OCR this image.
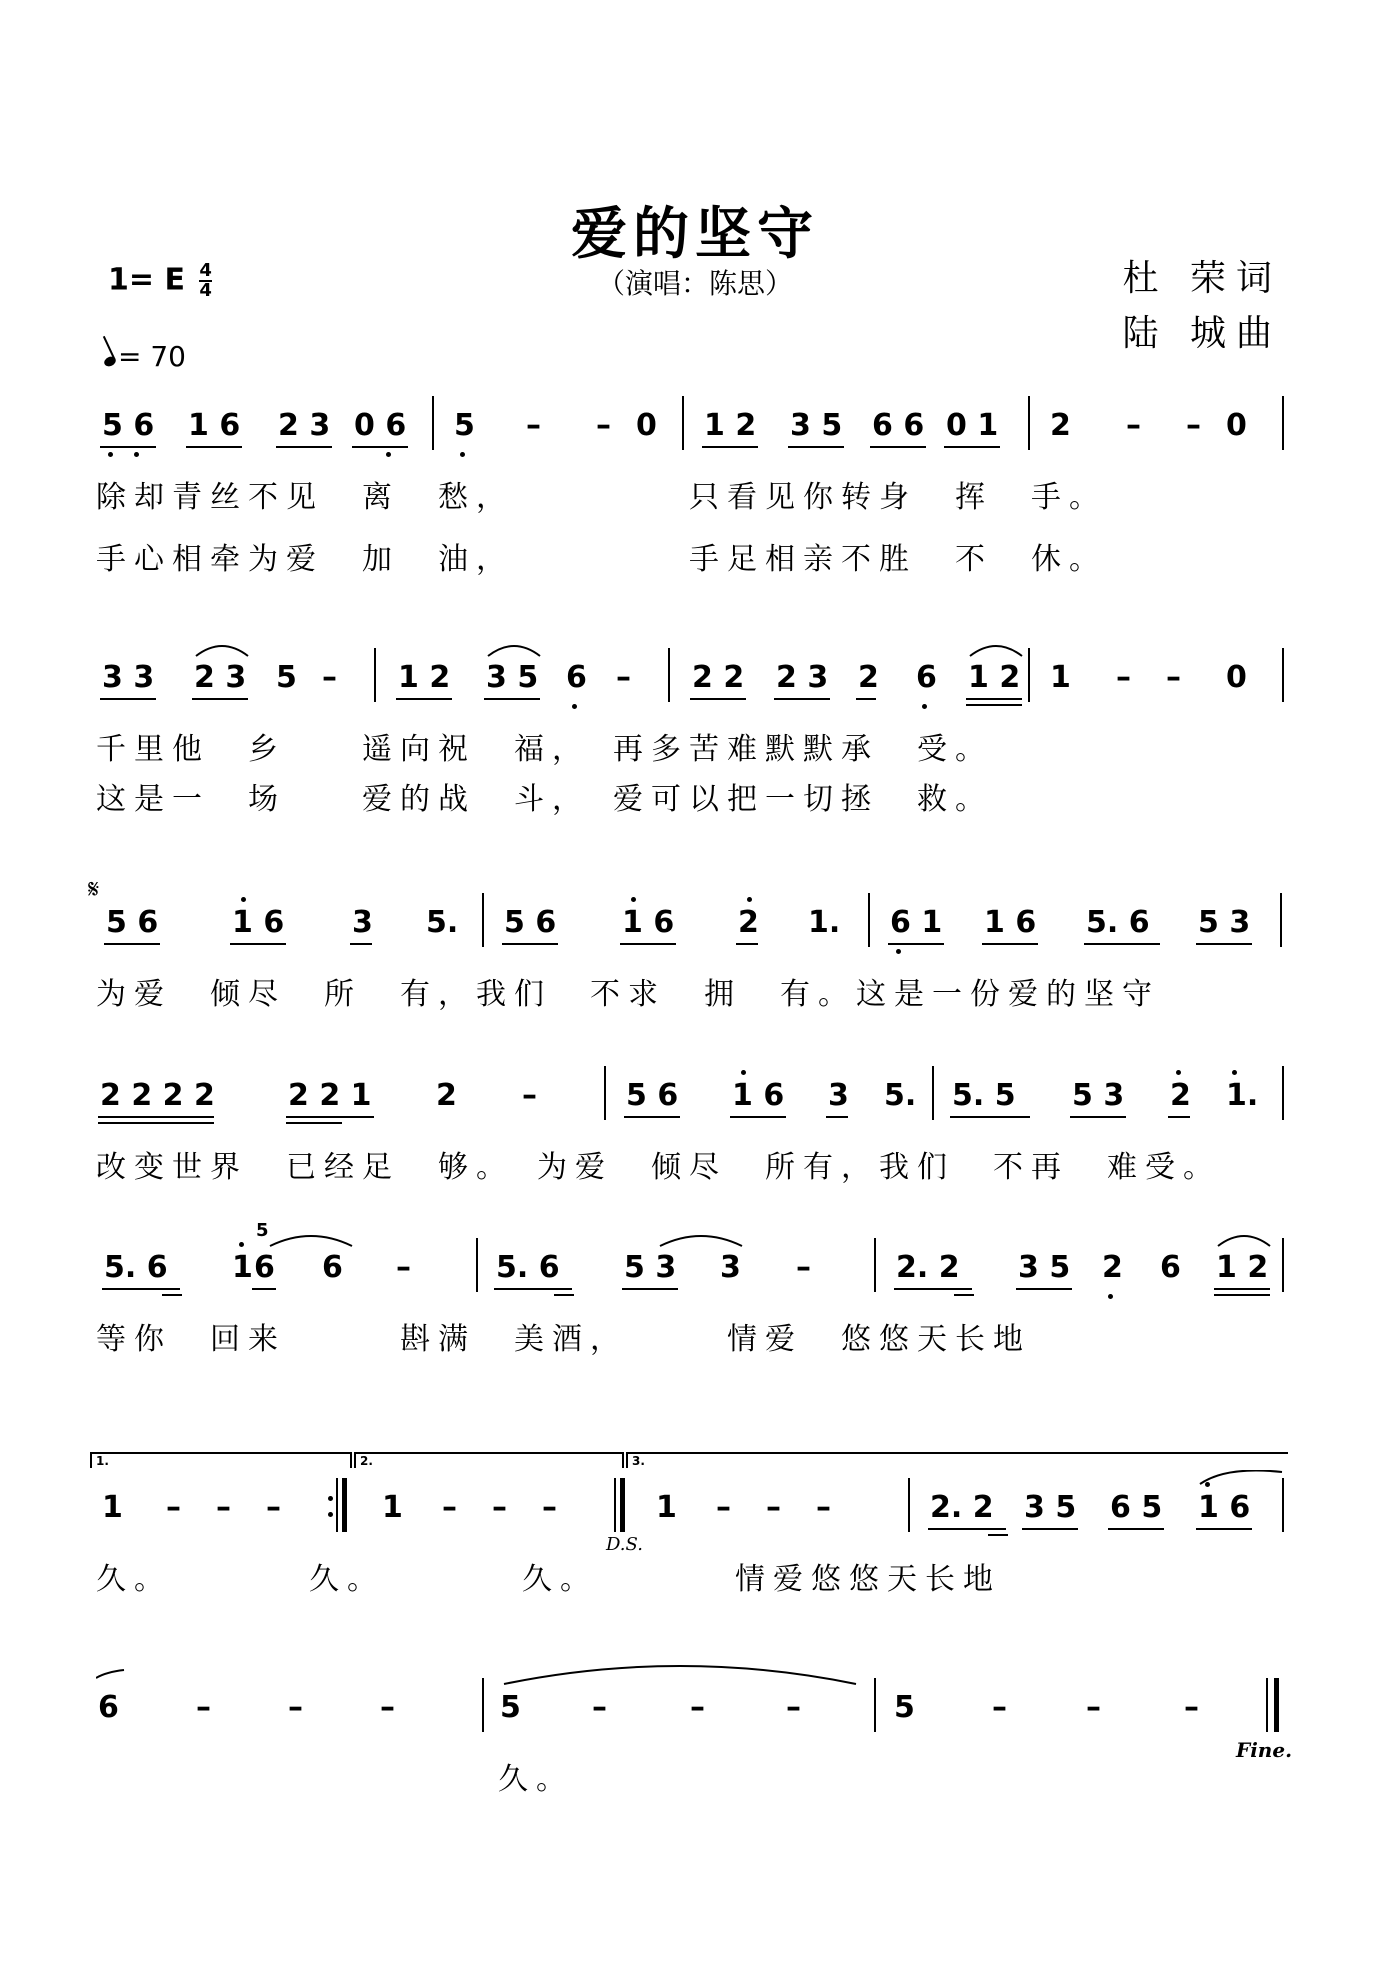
爱的坚守
（演唱：陈思）	杜 荣词
陆 城曲
1= E $\frac{4}{4}$
= 70
5 6 1 6 2 3 0 6 5 – – 0 1 2 3 5 6 6 0 1 2 – – 0
除却青丝不见　离　愁，　　　　　只看见你转身　挥　手。
手心相牵为爱　加　油，　　　　　手足相亲不胜　不　休。
3 3 2 3 5 – 1 2 3 5 6 – 2 2 2 3 2 6 1 2 1 – – 0
千里他　乡　　遥向祝　福，　再多苦难默默承　受。
这是一　场　　爱的战　斗，　爱可以把一切拯　救。
𝄋
5 6 1 6 3 5. 5 6 1 6 2 1. 6 1 1 6 5. 6 5 3
为爱　倾尽　所　有，我们　不求　拥　有。这是一份爱的坚守
2 2 2 2 2 2 1 2 –	5 6 1 6 3 5. 5. 5 5 3 2 1.
改变世界　已经足　够。　为爱　倾尽　所有，我们　不再　难受。
5. 6 1 6 6 –	5. 6 5 3 3 –	2. 2 3 5 2 6 1 2
5
等你　回来　　　斟满　美酒，　　　情爱　悠悠天长地
1.	2.	3.
1 – – –	1 – – –	1 – – –	2. 2 3 5 6 5 1 6
D.S.
久。　　　　久。　　　　久。　　　　情爱悠悠天长地
6	–	–	–	5 –	–	–	5	–	–	–
Fine.
久。
